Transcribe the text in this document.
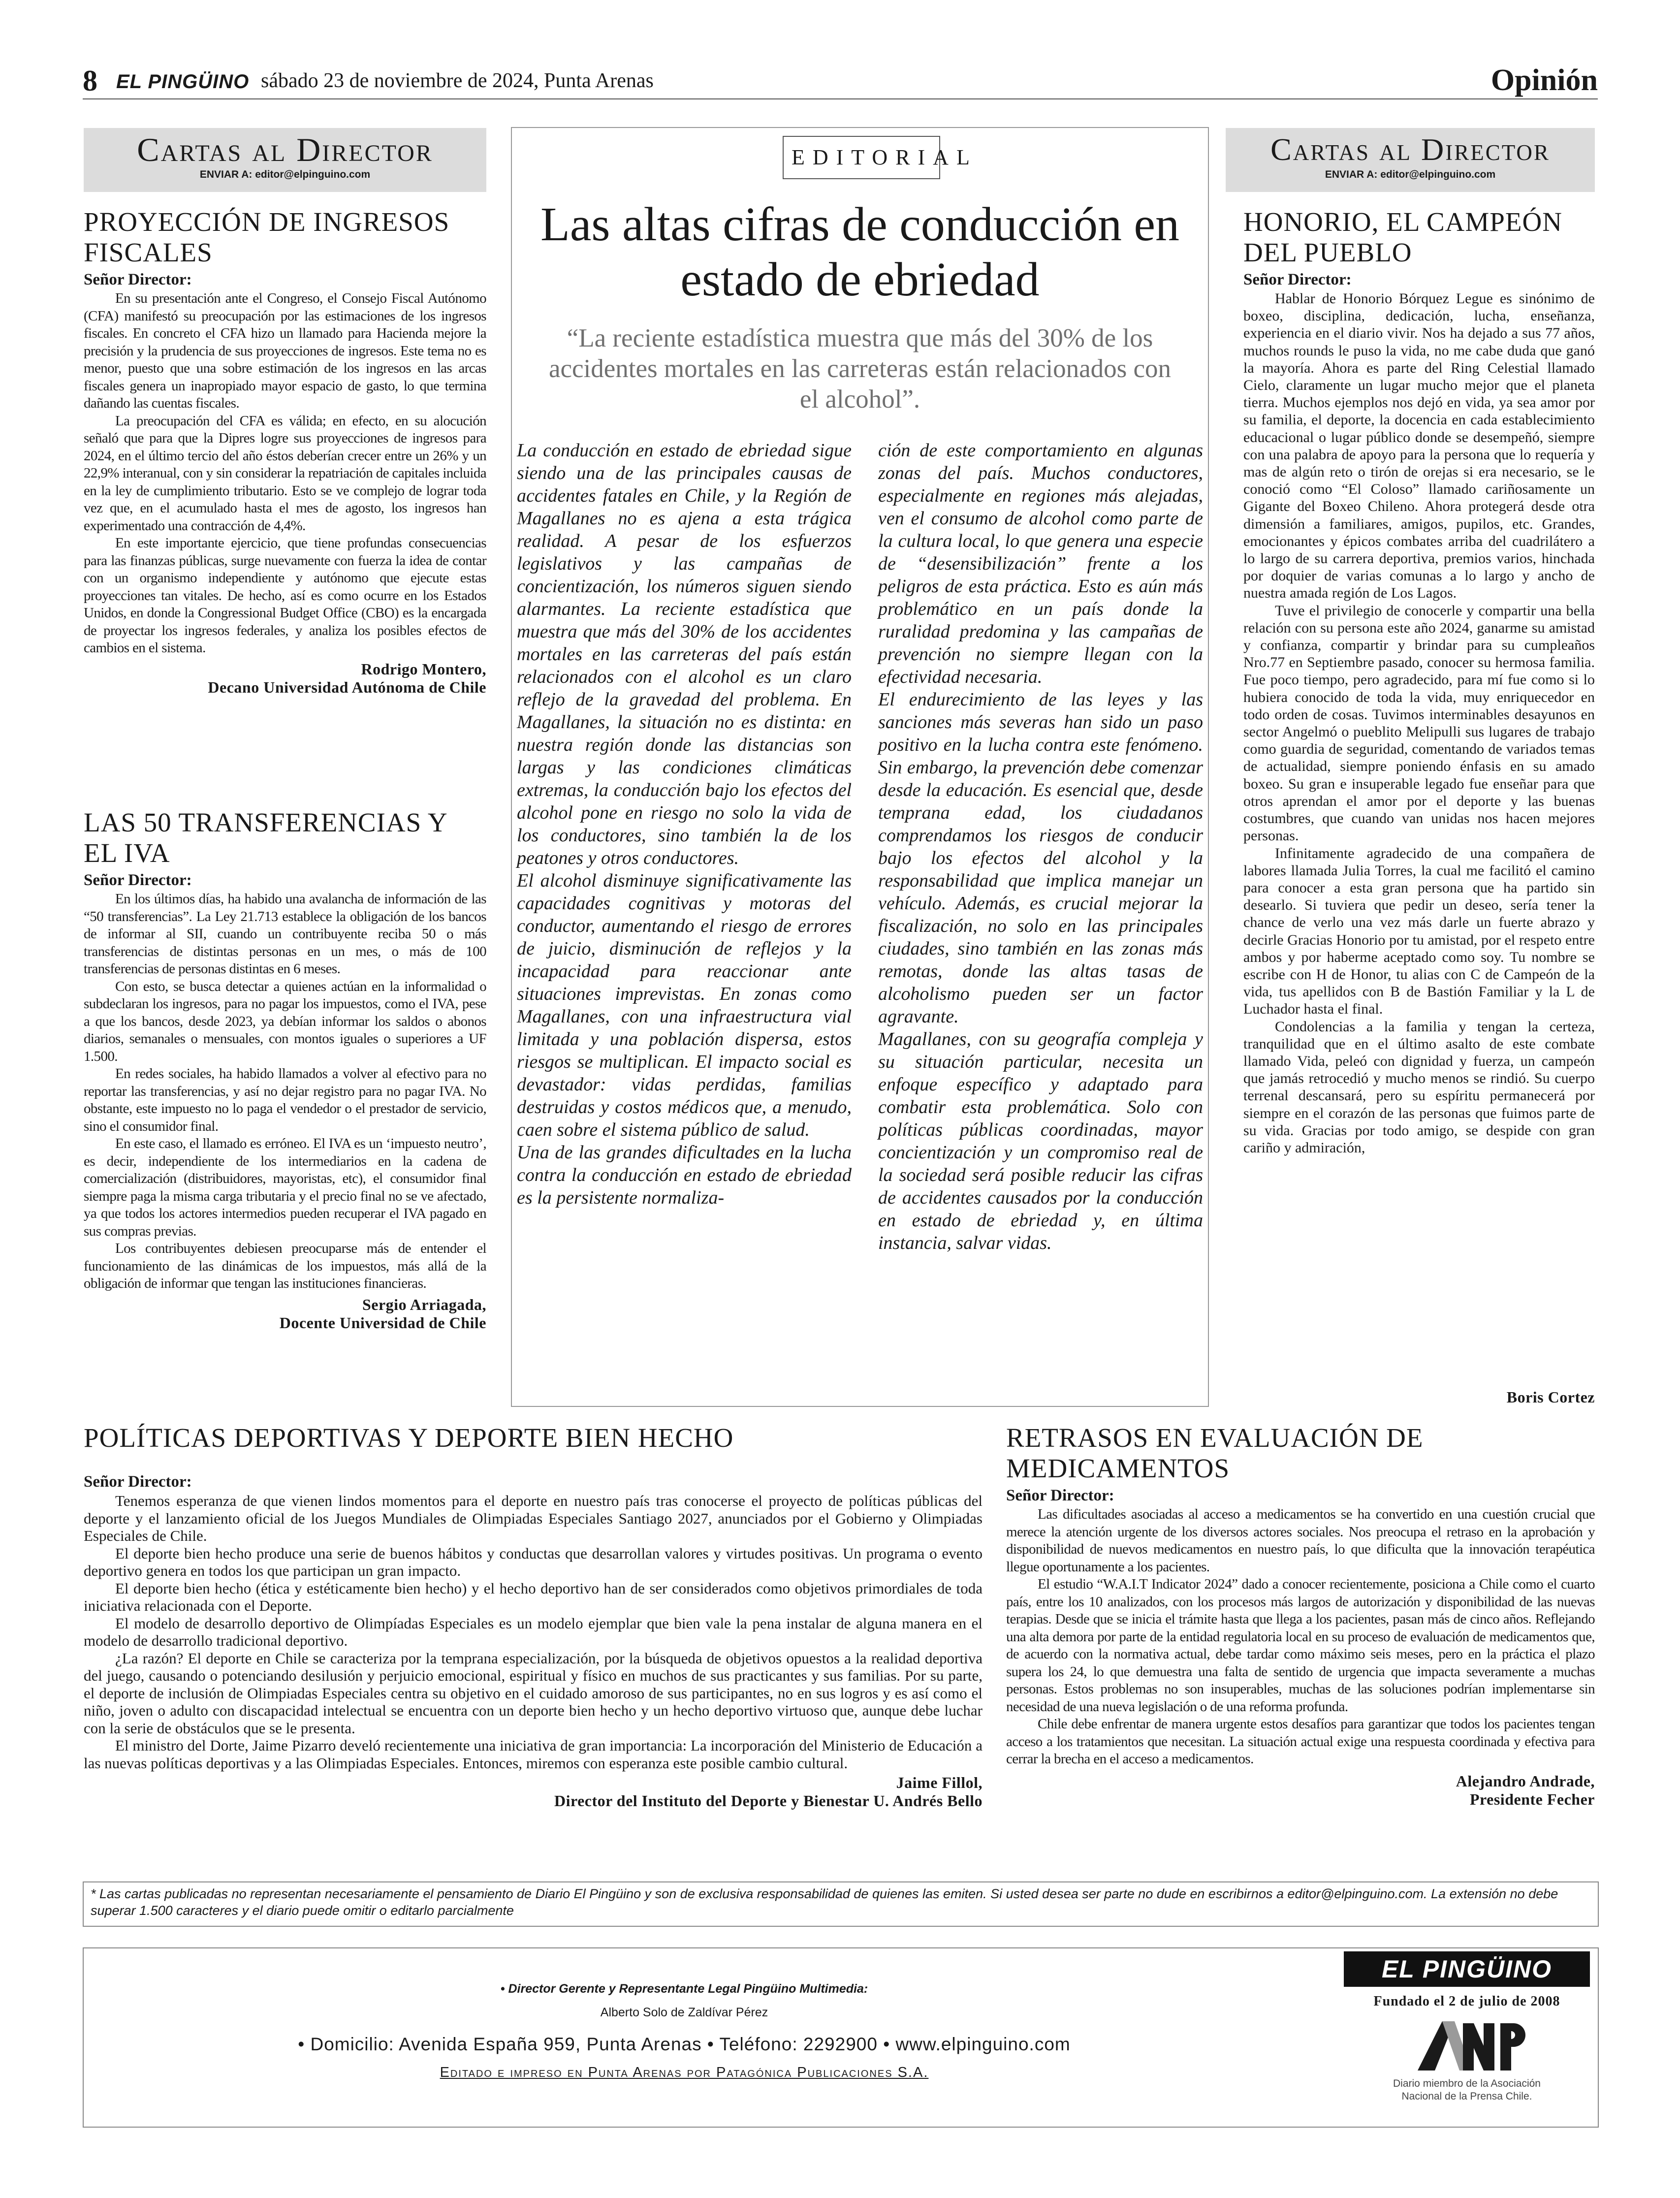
8 EL PINGÜINO sábado 23 de noviembre de 2024, Punta Arenas	Opinión
Cartas al Director
ENVIAR A: editor@elpinguino.com
PROYECCIÓN DE INGRESOS FISCALES
Señor Director:

En su presentación ante el Congreso, el Consejo Fiscal Autónomo (CFA) manifestó su preocupación por las estimaciones de los ingresos fiscales. En concreto el CFA hizo un llamado para Hacienda mejore la precisión y la prudencia de sus proyecciones de ingresos. Este tema no es menor, puesto que una sobre estimación de los ingresos en las arcas fiscales genera un inapropiado mayor espacio de gasto, lo que termina dañando las cuentas fiscales.

La preocupación del CFA es válida; en efecto, en su alocución señaló que para que la Dipres logre sus proyecciones de ingresos para 2024, en el último tercio del año éstos deberían crecer entre un 26% y un 22,9% interanual, con y sin considerar la repatriación de capitales incluida en la ley de cumplimiento tributario. Esto se ve complejo de lograr toda vez que, en el acumulado hasta el mes de agosto, los ingresos han experimentado una contracción de 4,4%.

En este importante ejercicio, que tiene profundas consecuencias para las finanzas públicas, surge nuevamente con fuerza la idea de contar con un organismo independiente y autónomo que ejecute estas proyecciones tan vitales. De hecho, así es como ocurre en los Estados Unidos, en donde la Congressional Budget Office (CBO) es la encargada de proyectar los ingresos federales, y analiza los posibles efectos de cambios en el sistema.

Rodrigo Montero,
Decano Universidad Autónoma de Chile
LAS 50 TRANSFERENCIAS Y EL IVA
Señor Director:

En los últimos días, ha habido una avalancha de información de las “50 transferencias”. La Ley 21.713 establece la obligación de los bancos de informar al SII, cuando un contribuyente reciba 50 o más transferencias de distintas personas en un mes, o más de 100 transferencias de personas distintas en 6 meses.

Con esto, se busca detectar a quienes actúan en la informalidad o subdeclaran los ingresos, para no pagar los impuestos, como el IVA, pese a que los bancos, desde 2023, ya debían informar los saldos o abonos diarios, semanales o mensuales, con montos iguales o superiores a UF 1.500.

En redes sociales, ha habido llamados a volver al efectivo para no reportar las transferencias, y así no dejar registro para no pagar IVA. No obstante, este impuesto no lo paga el vendedor o el prestador de servicio, sino el consumidor final.

En este caso, el llamado es erróneo. El IVA es un ‘impuesto neutro’, es decir, independiente de los intermediarios en la cadena de comercialización (distribuidores, mayoristas, etc), el consumidor final siempre paga la misma carga tributaria y el precio final no se ve afectado, ya que todos los actores intermedios pueden recuperar el IVA pagado en sus compras previas.

Los contribuyentes debiesen preocuparse más de entender el funcionamiento de las dinámicas de los impuestos, más allá de la obligación de informar que tengan las instituciones financieras.

Sergio Arriagada,
Docente Universidad de Chile
EDITORIAL
Las altas cifras de conducción en estado de ebriedad
“La reciente estadística muestra que más del 30% de los accidentes mortales en las carreteras están relacionados con el alcohol”.

La conducción en estado de ebriedad sigue siendo una de las principales causas de accidentes fatales en Chile, y la Región de Magallanes no es ajena a esta trágica realidad. A pesar de los esfuerzos legislativos y las campañas de concientización, los números siguen siendo alarmantes. La reciente estadística que muestra que más del 30% de los accidentes mortales en las carreteras del país están relacionados con el alcohol es un claro reflejo de la gravedad del problema. En Magallanes, la situación no es distinta: en nuestra región donde las distancias son largas y las condiciones climáticas extremas, la conducción bajo los efectos del alcohol pone en riesgo no solo la vida de los conductores, sino también la de los peatones y otros conductores.

El alcohol disminuye significativamente las capacidades cognitivas y motoras del conductor, aumentando el riesgo de errores de juicio, disminución de reflejos y la incapacidad para reaccionar ante situaciones imprevistas. En zonas como Magallanes, con una infraestructura vial limitada y una población dispersa, estos riesgos se multiplican. El impacto social es devastador: vidas perdidas, familias destruidas y costos médicos que, a menudo, caen sobre el sistema público de salud.

Una de las grandes dificultades en la lucha contra la conducción en estado de ebriedad es la persistente normaliza-

ción de este comportamiento en algunas zonas del país. Muchos conductores, especialmente en regiones más alejadas, ven el consumo de alcohol como parte de la cultura local, lo que genera una especie de “desensibilización” frente a los peligros de esta práctica. Esto es aún más problemático en un país donde la ruralidad predomina y las campañas de prevención no siempre llegan con la efectividad necesaria.

El endurecimiento de las leyes y las sanciones más severas han sido un paso positivo en la lucha contra este fenómeno. Sin embargo, la prevención debe comenzar desde la educación. Es esencial que, desde temprana edad, los ciudadanos comprendamos los riesgos de conducir bajo los efectos del alcohol y la responsabilidad que implica manejar un vehículo. Además, es crucial mejorar la fiscalización, no solo en las principales ciudades, sino también en las zonas más remotas, donde las altas tasas de alcoholismo pueden ser un factor agravante.

Magallanes, con su geografía compleja y su situación particular, necesita un enfoque específico y adaptado para combatir esta problemática. Solo con políticas públicas coordinadas, mayor concientización y un compromiso real de la sociedad será posible reducir las cifras de accidentes causados por la conducción en estado de ebriedad y, en última instancia, salvar vidas.

Cartas al Director
ENVIAR A: editor@elpinguino.com
HONORIO, EL CAMPEÓN DEL PUEBLO
Señor Director:

Hablar de Honorio Bórquez Legue es sinónimo de boxeo, disciplina, dedicación, lucha, enseñanza, experiencia en el diario vivir. Nos ha dejado a sus 77 años, muchos rounds le puso la vida, no me cabe duda que ganó la mayoría. Ahora es parte del Ring Celestial llamado Cielo, claramente un lugar mucho mejor que el planeta tierra. Muchos ejemplos nos dejó en vida, ya sea amor por su familia, el deporte, la docencia en cada establecimiento educacional o lugar público donde se desempeñó, siempre con una palabra de apoyo para la persona que lo requería y mas de algún reto o tirón de orejas si era necesario, se le conoció como “El Coloso” llamado cariñosamente un Gigante del Boxeo Chileno. Ahora protegerá desde otra dimensión a familiares, amigos, pupilos, etc. Grandes, emocionantes y épicos combates arriba del cuadrilátero a lo largo de su carrera deportiva, premios varios, hinchada por doquier de varias comunas a lo largo y ancho de nuestra amada región de Los Lagos.

Tuve el privilegio de conocerle y compartir una bella relación con su persona este año 2024, ganarme su amistad y confianza, compartir y brindar para su cumpleaños Nro.77 en Septiembre pasado, conocer su hermosa familia. Fue poco tiempo, pero agradecido, para mí fue como si lo hubiera conocido de toda la vida, muy enriquecedor en todo orden de cosas. Tuvimos interminables desayunos en sector Angelmó o pueblito Melipulli sus lugares de trabajo como guardia de seguridad, comentando de variados temas de actualidad, siempre poniendo énfasis en su amado boxeo. Su gran e insuperable legado fue enseñar para que otros aprendan el amor por el deporte y las buenas costumbres, que cuando van unidas nos hacen mejores personas.

Infinitamente agradecido de una compañera de labores llamada Julia Torres, la cual me facilitó el camino para conocer a esta gran persona que ha partido sin desearlo. Si tuviera que pedir un deseo, sería tener la chance de verlo una vez más darle un fuerte abrazo y decirle Gracias Honorio por tu amistad, por el respeto entre ambos y por haberme aceptado como soy. Tu nombre se escribe con H de Honor, tu alias con C de Campeón de la vida, tus apellidos con B de Bastión Familiar y la L de Luchador hasta el final.

Condolencias a la familia y tengan la certeza, tranquilidad que en el último asalto de este combate llamado Vida, peleó con dignidad y fuerza, un campeón que jamás retrocedió y mucho menos se rindió. Su cuerpo terrenal descansará, pero su espíritu permanecerá por siempre en el corazón de las personas que fuimos parte de su vida. Gracias por todo amigo, se despide con gran cariño y admiración,

Boris Cortez
POLÍTICAS DEPORTIVAS Y DEPORTE BIEN HECHO
Señor Director:

Tenemos esperanza de que vienen lindos momentos para el deporte en nuestro país tras conocerse el proyecto de políticas públicas del deporte y el lanzamiento oficial de los Juegos Mundiales de Olimpiadas Especiales Santiago 2027, anunciados por el Gobierno y Olimpiadas Especiales de Chile.

El deporte bien hecho produce una serie de buenos hábitos y conductas que desarrollan valores y virtudes positivas. Un programa o evento deportivo genera en todos los que participan un gran impacto.

El deporte bien hecho (ética y estéticamente bien hecho) y el hecho deportivo han de ser considerados como objetivos primordiales de toda iniciativa relacionada con el Deporte.

El modelo de desarrollo deportivo de Olimpíadas Especiales es un modelo ejemplar que bien vale la pena instalar de alguna manera en el modelo de desarrollo tradicional deportivo.

¿La razón? El deporte en Chile se caracteriza por la temprana especialización, por la búsqueda de objetivos opuestos a la realidad deportiva del juego, causando o potenciando desilusión y perjuicio emocional, espiritual y físico en muchos de sus practicantes y sus familias. Por su parte, el deporte de inclusión de Olimpiadas Especiales centra su objetivo en el cuidado amoroso de sus participantes, no en sus logros y es así como el niño, joven o adulto con discapacidad intelectual se encuentra con un deporte bien hecho y un hecho deportivo virtuoso que, aunque debe luchar con la serie de obstáculos que se le presenta.

El ministro del Dorte, Jaime Pizarro develó recientemente una iniciativa de gran importancia: La incorporación del Ministerio de Educación a las nuevas políticas deportivas y a las Olimpiadas Especiales. Entonces, miremos con esperanza este posible cambio cultural.

Jaime Fillol,
Director del Instituto del Deporte y Bienestar U. Andrés Bello
RETRASOS EN EVALUACIÓN DE MEDICAMENTOS
Señor Director:

Las dificultades asociadas al acceso a medicamentos se ha convertido en una cuestión crucial que merece la atención urgente de los diversos actores sociales. Nos preocupa el retraso en la aprobación y disponibilidad de nuevos medicamentos en nuestro país, lo que dificulta que la innovación terapéutica llegue oportunamente a los pacientes.

El estudio “W.A.I.T Indicator 2024” dado a conocer recientemente, posiciona a Chile como el cuarto país, entre los 10 analizados, con los procesos más largos de autorización y disponibilidad de las nuevas terapias. Desde que se inicia el trámite hasta que llega a los pacientes, pasan más de cinco años. Reflejando una alta demora por parte de la entidad regulatoria local en su proceso de evaluación de medicamentos que, de acuerdo con la normativa actual, debe tardar como máximo seis meses, pero en la práctica el plazo supera los 24, lo que demuestra una falta de sentido de urgencia que impacta severamente a muchas personas. Estos problemas no son insuperables, muchas de las soluciones podrían implementarse sin necesidad de una nueva legislación o de una reforma profunda.

Chile debe enfrentar de manera urgente estos desafíos para garantizar que todos los pacientes tengan acceso a los tratamientos que necesitan. La situación actual exige una respuesta coordinada y efectiva para cerrar la brecha en el acceso a medicamentos.

Alejandro Andrade,
Presidente Fecher
* Las cartas publicadas no representan necesariamente el pensamiento de Diario El Pingüino y son de exclusiva responsabilidad de quienes las emiten. Si usted desea ser parte no dude en escribirnos a editor@elpinguino.com. La extensión no debe superar 1.500 caracteres y el diario puede omitir o editarlo parcialmente
• Director Gerente y Representante Legal Pingüino Multimedia:
Alberto Solo de Zaldívar Pérez
• Domicilio: Avenida España 959, Punta Arenas • Teléfono: 2292900 • www.elpinguino.com
Editado e impreso en Punta Arenas por Patagónica Publicaciones S.A.
EL PINGÜINO
Fundado el 2 de julio de 2008
Diario miembro de la Asociación Nacional de la Prensa Chile.
